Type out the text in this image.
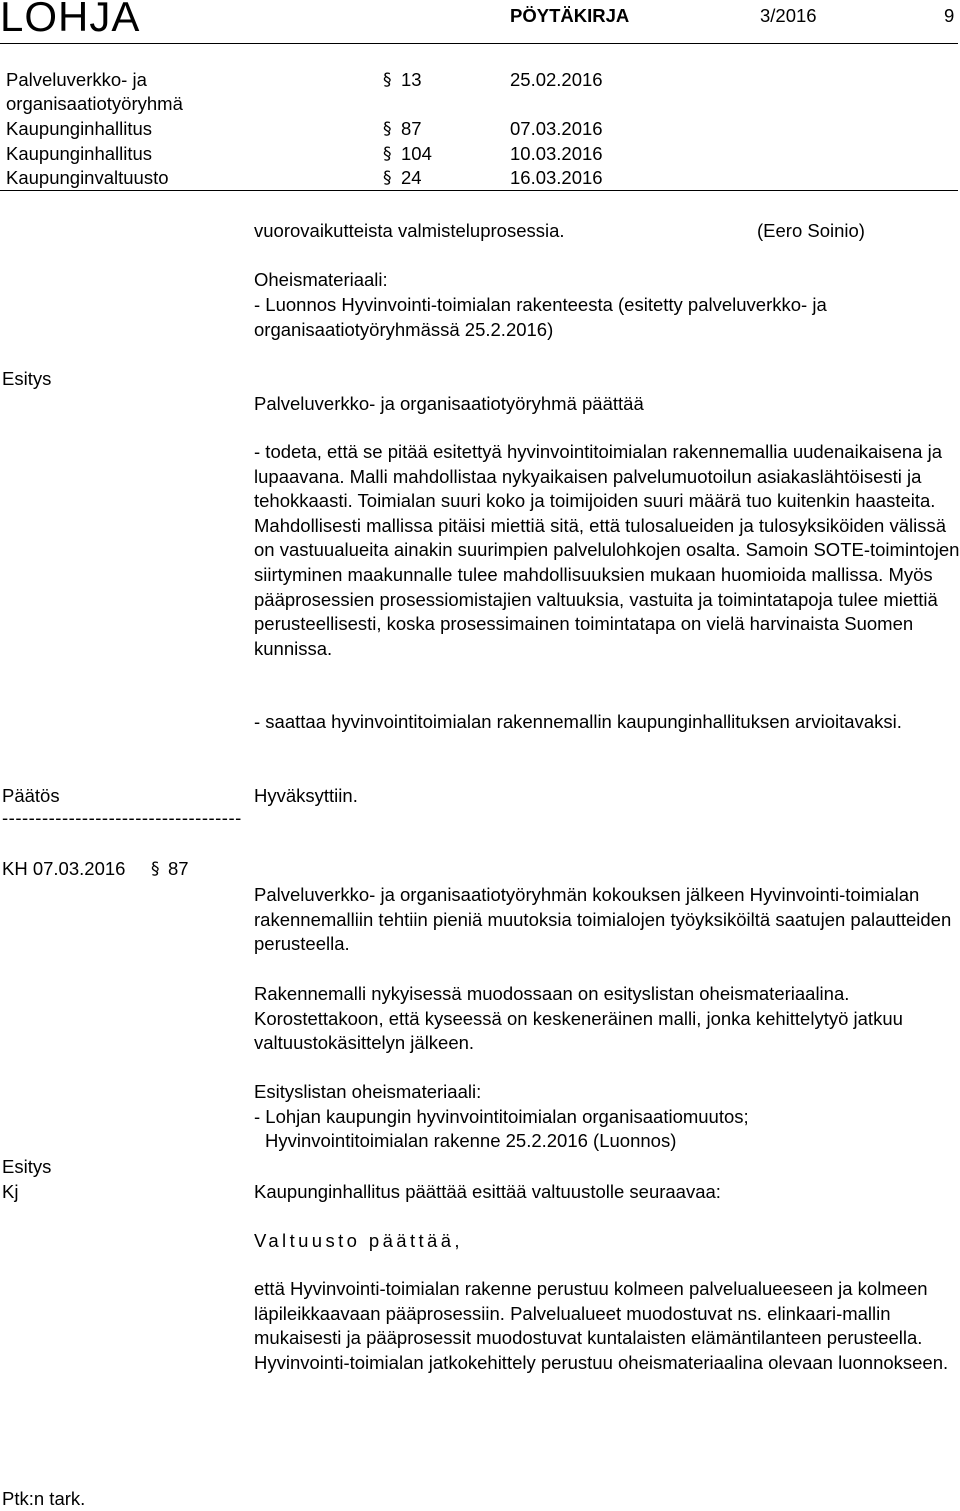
LOHJA	PÖYTÄKIRJA	3/2016	9
Palveluverkko- ja
organisaatiotyöryhmä
§ 13	25.02.2016
Kaupunginhallitus	§ 87	07.03.2016
Kaupunginhallitus	§ 104	10.03.2016
Kaupunginvaltuusto	§ 24	16.03.2016
vuorovaikutteista valmisteluprosessia.	(Eero Soinio)
Oheismateriaali:
- Luonnos Hyvinvointi-toimialan rakenteesta (esitetty palveluverkko- ja
organisaatiotyöryhmässä 25.2.2016)
Esitys
Palveluverkko- ja organisaatiotyöryhmä päättää
- todeta, että se pitää esitettyä hyvinvointitoimialan rakennemallia uudenaikaisena ja lupaavana. Malli mahdollistaa nykyaikaisen palvelumuotoilun asiakaslähtöisesti ja tehokkaasti. Toimialan suuri koko ja toimijoiden suuri määrä tuo kuitenkin haasteita. Mahdollisesti mallissa pitäisi miettiä sitä, että tulosalueiden ja tulosyksiköiden välissä on vastuualueita ainakin suurimpien palvelulohkojen osalta. Samoin SOTE-toimintojen siirtyminen maakunnalle tulee mahdollisuuksien mukaan huomioida mallissa. Myös pääprosessien prosessiomistajien valtuuksia, vastuita ja toimintatapoja tulee miettiä perusteellisesti, koska prosessimainen toimintatapa on vielä harvinaista Suomen kunnissa.
- saattaa hyvinvointitoimialan rakennemallin kaupunginhallituksen arvioitavaksi.
Päätös	Hyväksyttiin.
------------------------------------
KH 07.03.2016 § 87
Palveluverkko- ja organisaatiotyöryhmän kokouksen jälkeen Hyvinvointi-toimialan rakennemalliin tehtiin pieniä muutoksia toimialojen työyksiköiltä saatujen palautteiden perusteella.
Rakennemalli nykyisessä muodossaan on esityslistan oheismateriaalina. Korostettakoon, että kyseessä on keskeneräinen malli, jonka kehittelytyö jatkuu valtuustokäsittelyn jälkeen.
Esityslistan oheismateriaali:
- Lohjan kaupungin hyvinvointitoimialan organisaatiomuutos;
Hyvinvointitoimialan rakenne 25.2.2016 (Luonnos)
Esitys
Kj	Kaupunginhallitus päättää esittää valtuustolle seuraavaa:
Valtuusto päättää,
että Hyvinvointi-toimialan rakenne perustuu kolmeen palvelualueeseen ja kolmeen läpileikkaavaan pääprosessiin. Palvelualueet muodostuvat ns. elinkaari-mallin mukaisesti ja pääprosessit muodostuvat kuntalaisten elämäntilanteen perusteella. Hyvinvointi-toimialan jatkokehittely perustuu oheismateriaalina olevaan luonnokseen.
Ptk:n tark.
